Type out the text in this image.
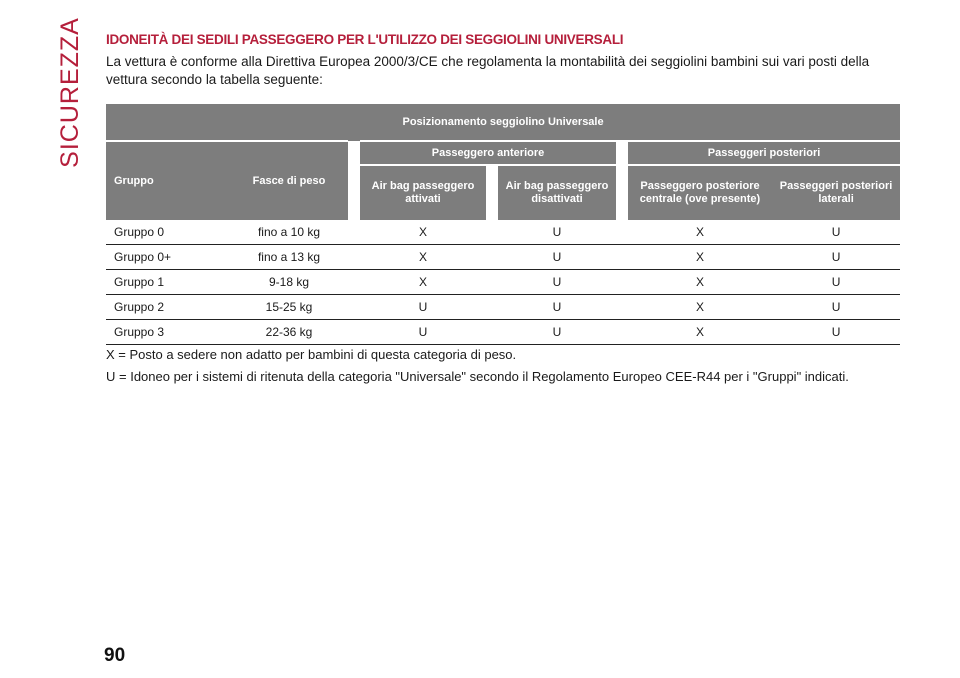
SICUREZZA IDONEITÀ DEI SEDILI PASSEGGERO PER L'UTILIZZO DEI SEGGIOLINI UNIVERSALI

La vettura è conforme alla Direttiva Europea 2000/3/CE che regolamenta la montabilità dei seggiolini bambini sui vari posti della vettura secondo la tabella seguente:

Posizionamento seggiolino Universale								
Gruppo	Fasce di peso		Passeggero anteriore				Passeggeri posteriori	
			Air bag passeggero attivati		Air bag passeggero disattivati		Passeggero posteriore centrale (ove presente)	Passeggeri posteriori laterali
Gruppo 0	fino a 10 kg		X		U		X	U
Gruppo 0+	fino a 13 kg		X		U		X	U
Gruppo 1	9-18 kg		X		U		X	U
Gruppo 2	15-25 kg		U		U		X	U
Gruppo 3	22-36 kg		U		U		X	U

X = Posto a sedere non adatto per bambini di questa categoria di peso.

U = Idoneo per i sistemi di ritenuta della categoria "Universale" secondo il Regolamento Europeo CEE-R44 per i "Gruppi" indicati.

90
